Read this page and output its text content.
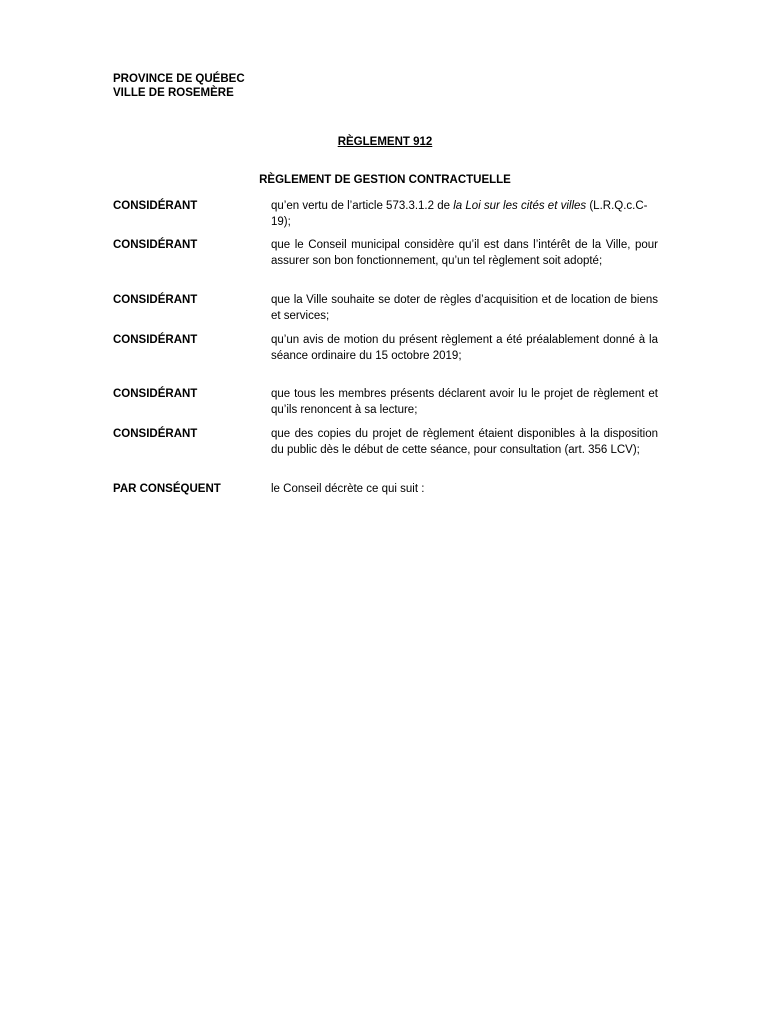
PROVINCE DE QUÉBEC
VILLE DE ROSEMÈRE
RÈGLEMENT 912
RÈGLEMENT DE GESTION CONTRACTUELLE
CONSIDÉRANT	qu’en vertu de l’article 573.3.1.2 de la Loi sur les cités et villes (L.R.Q.c.C-19);
CONSIDÉRANT	que le Conseil municipal considère qu’il est dans l’intérêt de la Ville, pour assurer son bon fonctionnement, qu’un tel règlement soit adopté;
CONSIDÉRANT	que la Ville souhaite se doter de règles d’acquisition et de location de biens et services;
CONSIDÉRANT	qu’un avis de motion du présent règlement a été préalablement donné à la séance ordinaire du 15 octobre 2019;
CONSIDÉRANT	que tous les membres présents déclarent avoir lu le projet de règlement et qu’ils renoncent à sa lecture;
CONSIDÉRANT	que des copies du projet de règlement étaient disponibles à la disposition du public dès le début de cette séance, pour consultation (art. 356 LCV);
PAR CONSÉQUENT	le Conseil décrète ce qui suit :
